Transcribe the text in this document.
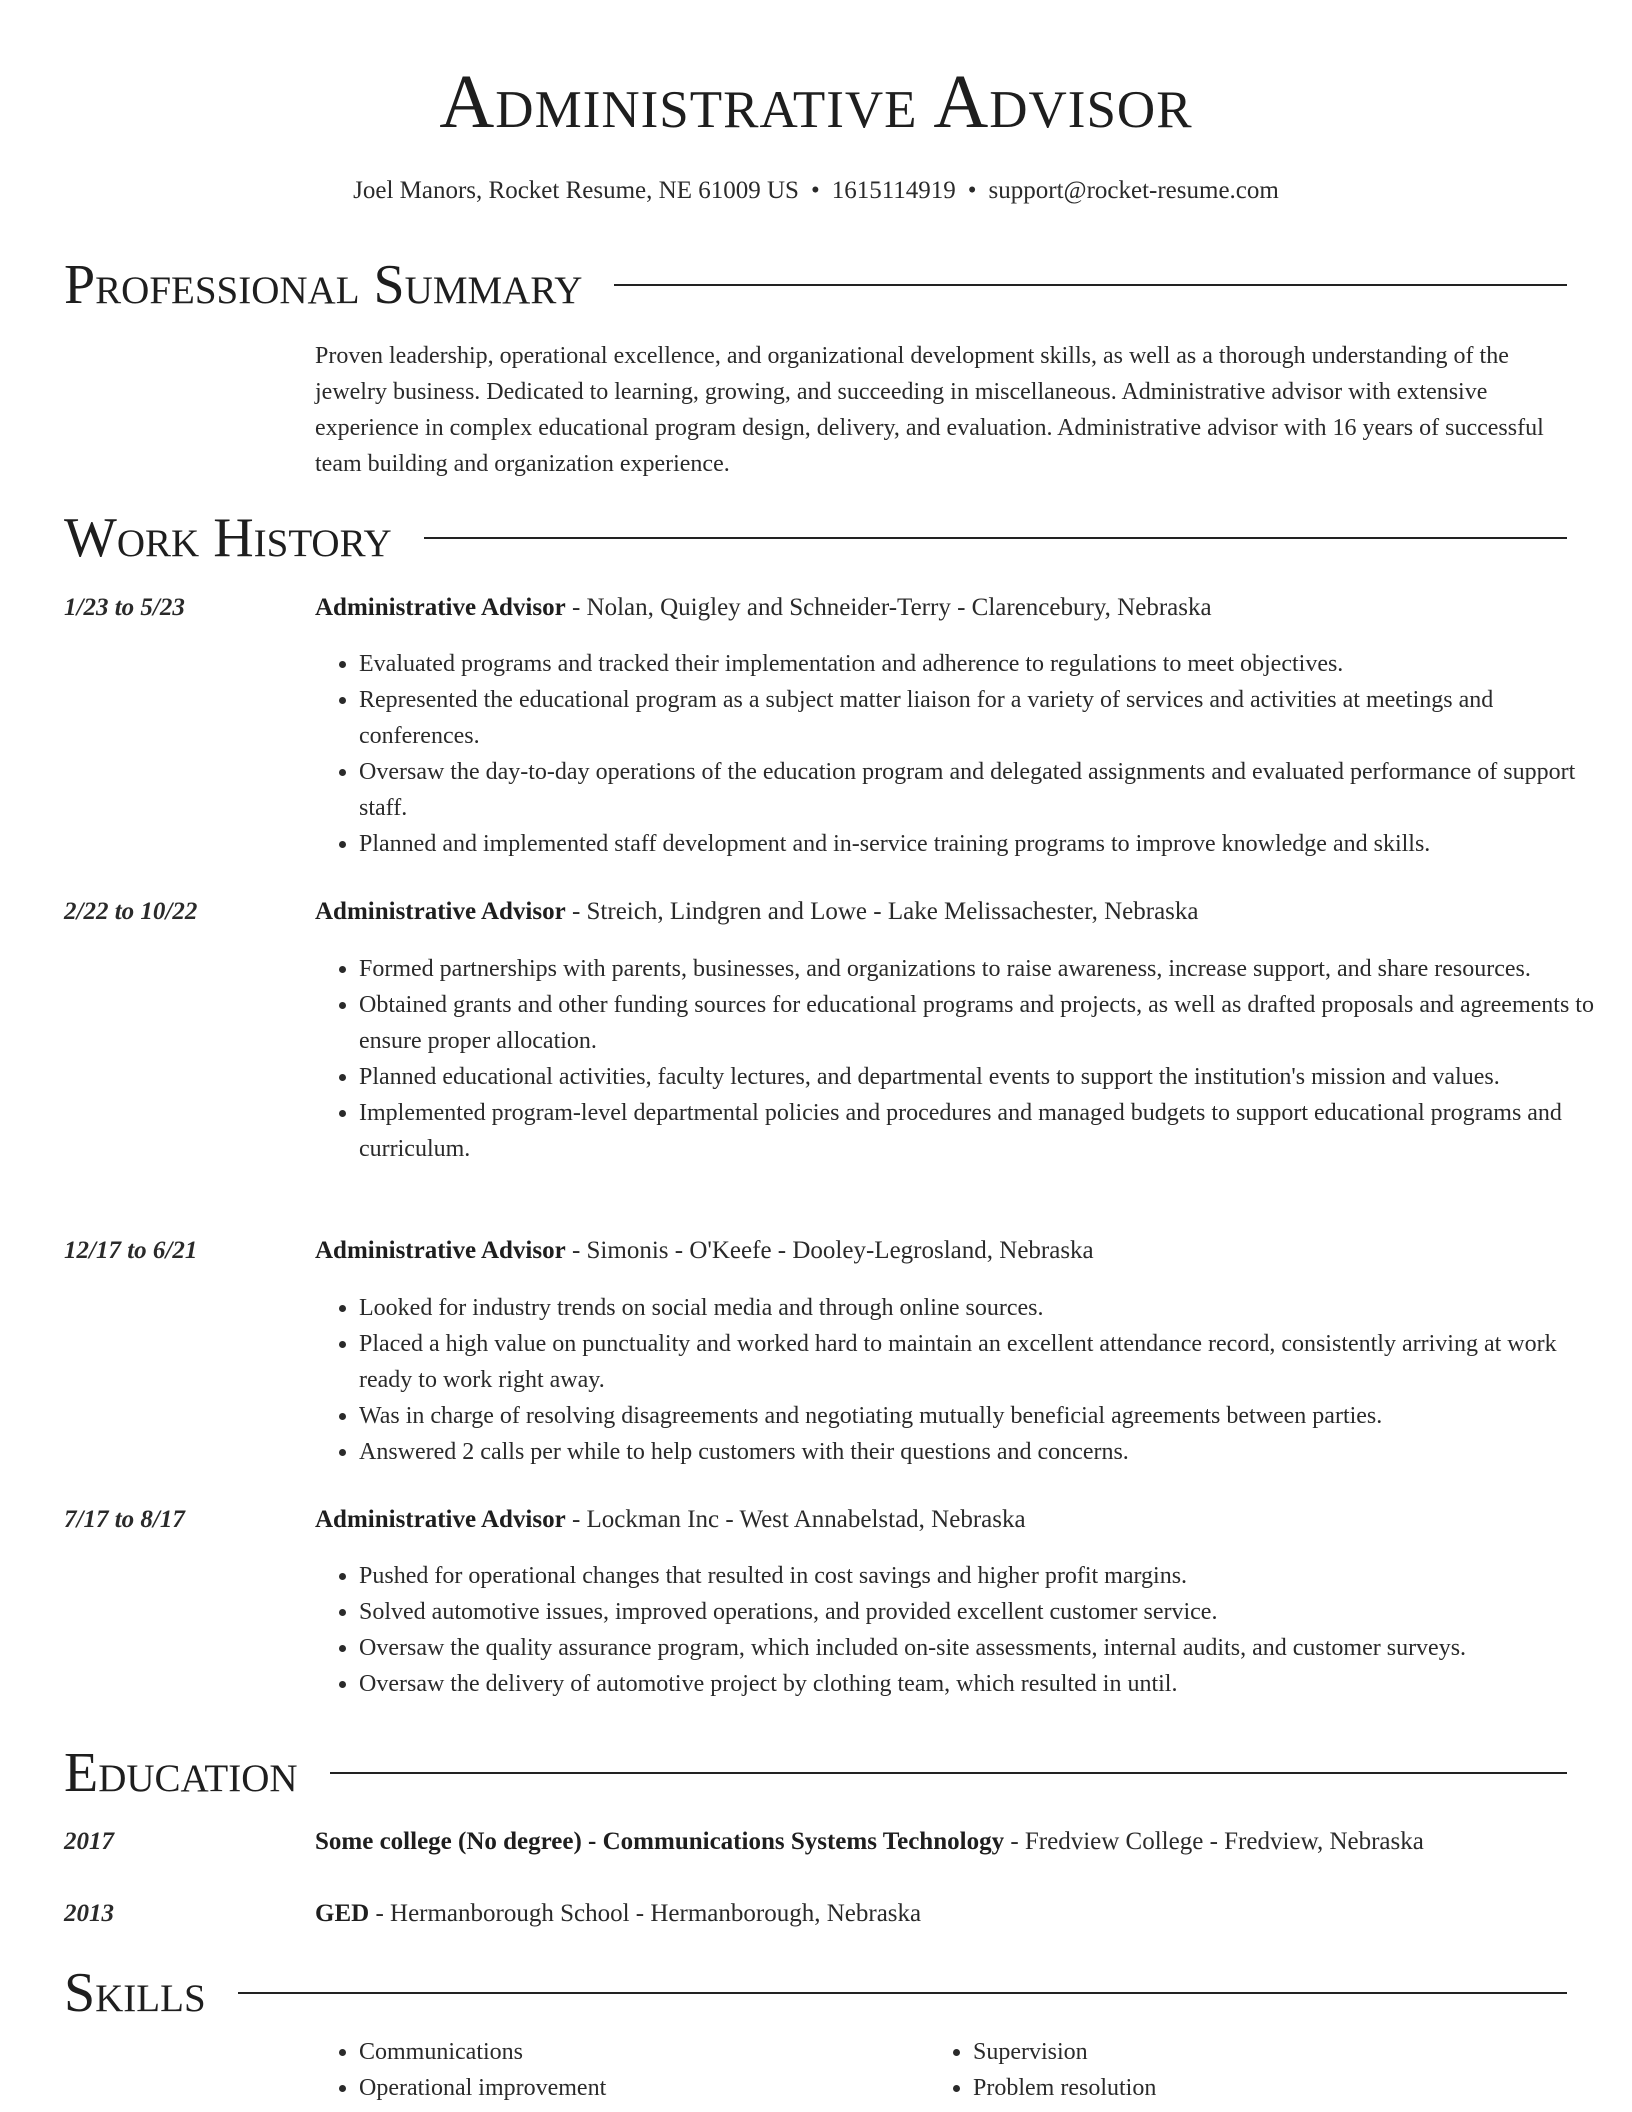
Administrative Advisor
Joel Manors, Rocket Resume, NE 61009 US • 1615114919 • support@rocket-resume.com
Professional Summary

Proven leadership, operational excellence, and organizational development skills, as well as a thorough understanding of the jewelry business. Dedicated to learning, growing, and succeeding in miscellaneous. Administrative advisor with extensive experience in complex educational program design, delivery, and evaluation. Administrative advisor with 16 years of successful team building and organization experience.

Work History
1/23 to 5/23	Administrative Advisor - Nolan, Quigley and Schneider-Terry - Clarencebury, Nebraska
• Evaluated programs and tracked their implementation and adherence to regulations to meet objectives.
• Represented the educational program as a subject matter liaison for a variety of services and activities at meetings and conferences.
• Oversaw the day-to-day operations of the education program and delegated assignments and evaluated performance of support staff.
• Planned and implemented staff development and in-service training programs to improve knowledge and skills.
2/22 to 10/22	Administrative Advisor - Streich, Lindgren and Lowe - Lake Melissachester, Nebraska
• Formed partnerships with parents, businesses, and organizations to raise awareness, increase support, and share resources.
• Obtained grants and other funding sources for educational programs and projects, as well as drafted proposals and agreements to ensure proper allocation.
• Planned educational activities, faculty lectures, and departmental events to support the institution's mission and values.
• Implemented program-level departmental policies and procedures and managed budgets to support educational programs and curriculum.
12/17 to 6/21	Administrative Advisor - Simonis - O'Keefe - Dooley-Legrosland, Nebraska
• Looked for industry trends on social media and through online sources.
• Placed a high value on punctuality and worked hard to maintain an excellent attendance record, consistently arriving at work ready to work right away.
• Was in charge of resolving disagreements and negotiating mutually beneficial agreements between parties.
• Answered 2 calls per while to help customers with their questions and concerns.
7/17 to 8/17	Administrative Advisor - Lockman Inc - West Annabelstad, Nebraska
• Pushed for operational changes that resulted in cost savings and higher profit margins.
• Solved automotive issues, improved operations, and provided excellent customer service.
• Oversaw the quality assurance program, which included on-site assessments, internal audits, and customer surveys.
• Oversaw the delivery of automotive project by clothing team, which resulted in until.
Education
2017	Some college (No degree) - Communications Systems Technology - Fredview College - Fredview, Nebraska
2013	GED - Hermanborough School - Hermanborough, Nebraska
Skills
• Communications
• Operational improvement
• Supervision
• Problem resolution
